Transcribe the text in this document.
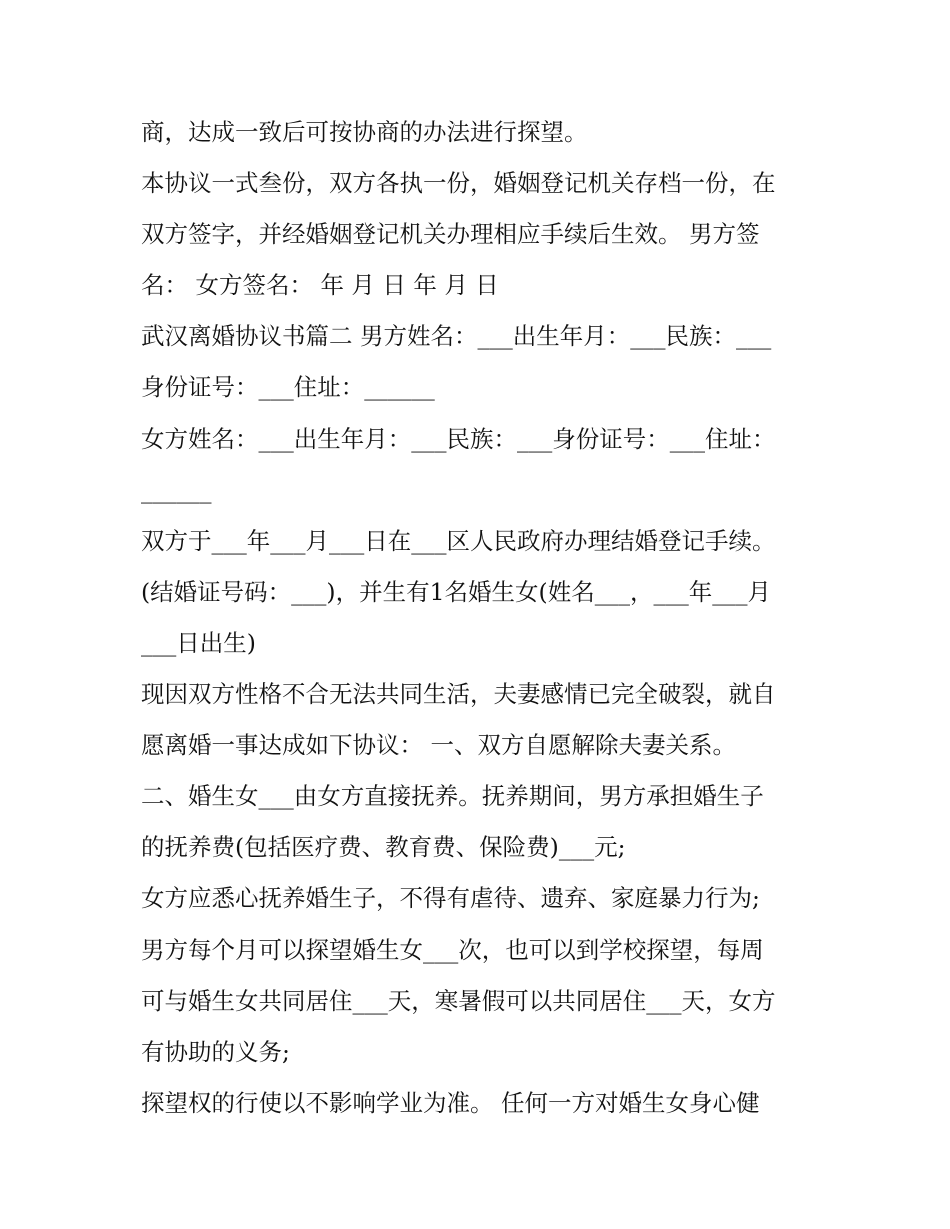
商，达成一致后可按协商的办法进行探望。

本协议一式叁份，双方各执一份，婚姻登记机关存档一份，在

双方签字，并经婚姻登记机关办理相应手续后生效。 男方签

名： 女方签名： 年 月 日 年 月 日

武汉离婚协议书篇二 男方姓名：___出生年月：___民族：___

身份证号：___住址：______

女方姓名：___出生年月：___民族：___身份证号：___住址：

______

双方于___年___月___日在___区人民政府办理结婚登记手续。

(结婚证号码：___)，并生有1名婚生女(姓名___，___年___月

___日出生)

现因双方性格不合无法共同生活，夫妻感情已完全破裂，就自

愿离婚一事达成如下协议： 一、双方自愿解除夫妻关系。

二、婚生女___由女方直接抚养。抚养期间，男方承担婚生子

的抚养费(包括医疗费、教育费、保险费)___元;

女方应悉心抚养婚生子，不得有虐待、遗弃、家庭暴力行为;

男方每个月可以探望婚生女___次，也可以到学校探望，每周

可与婚生女共同居住___天，寒暑假可以共同居住___天，女方

有协助的义务;

探望权的行使以不影响学业为准。 任何一方对婚生女身心健
